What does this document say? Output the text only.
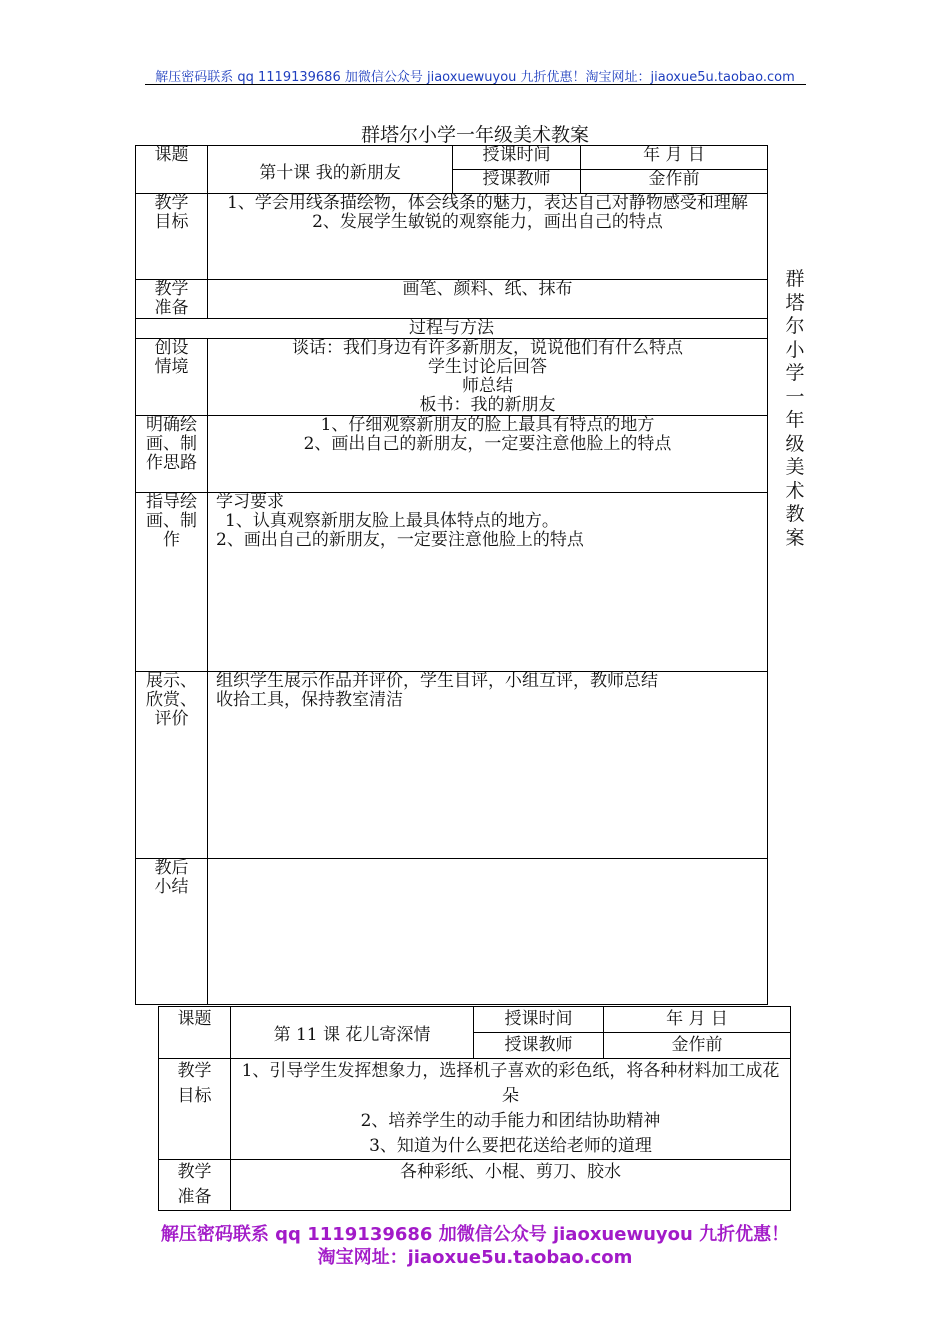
解压密码联系 qq 1119139686 加微信公众号 jiaoxuewuyou 九折优惠！淘宝网址：jiaoxue5u.taobao.com
群塔尔小学一年级美术教案
群塔尔小学一年级美术教案
课题	第十课 我的新朋友	授课时间	年 月 日
		授课教师	金作前

教学目标	1、学会用线条描绘物，体会线条的魅力，表达自己对静物感受和理解
2、发展学生敏锐的观察能力，画出自己的特点		

教学准备	画笔、颜料、纸、抹布		
过程与方法			

创设情境	谈话：我们身边有许多新朋友，说说他们有什么特点
学生讨论后回答
师总结
板书：我的新朋友		

明确绘画、制作思路	1、仔细观察新朋友的脸上最具有特点的地方
2、画出自己的新朋友，一定要注意他脸上的特点		

指导绘画、制作	学习要求
1、认真观察新朋友脸上最具体特点的地方。
2、画出自己的新朋友，一定要注意他脸上的特点		

展示、欣赏、评价	组织学生展示作品并评价，学生目评，小组互评，教师总结
收拾工具，保持教室清洁		

教后小结			

课题	第 11 课 花儿寄深情	授课时间	年 月 日
		授课教师	金作前

教学目标	1、引导学生发挥想象力，选择机子喜欢的彩色纸，将各种材料加工成花朵
2、培养学生的动手能力和团结协助精神
3、知道为什么要把花送给老师的道理		

教学准备	各种彩纸、小棍、剪刀、胶水		
解压密码联系 qq 1119139686 加微信公众号 jiaoxuewuyou 九折优惠！
淘宝网址：jiaoxue5u.taobao.com
